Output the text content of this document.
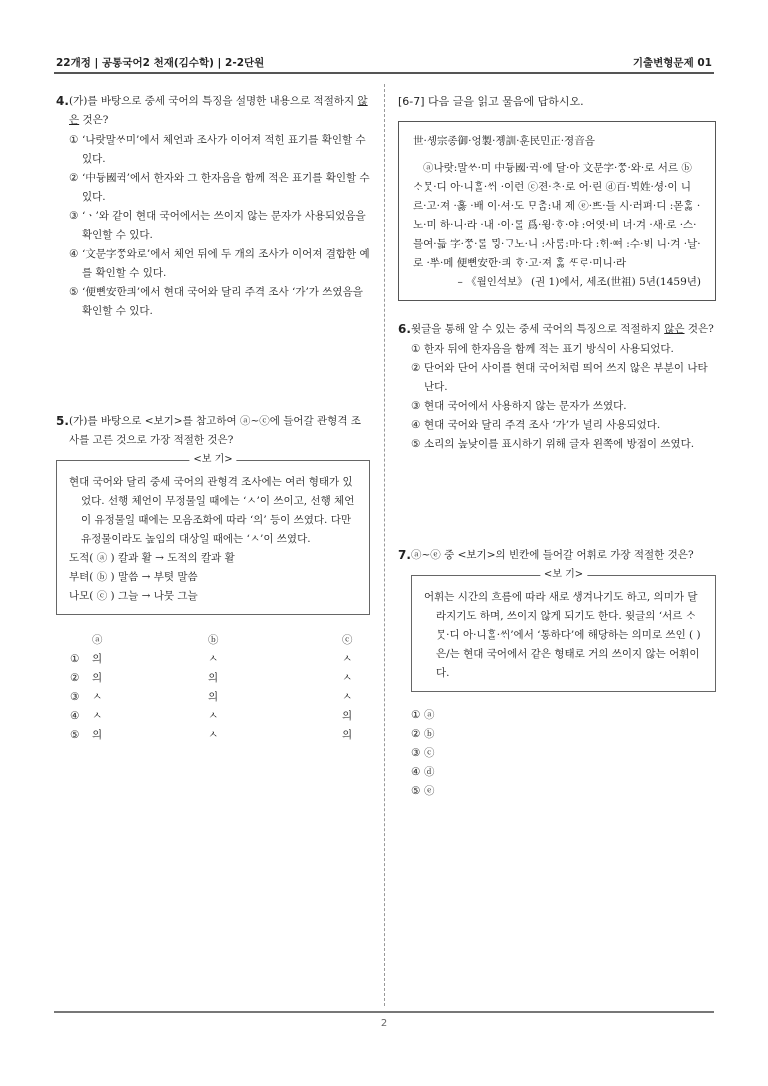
22개정 | 공통국어2 천재(김수학) | 2-2단원	기출변형문제 01
4. (가)를 바탕으로 중세 국어의 특징을 설명한 내용으로 적절하지 않은 것은?
① ‘나랏말ᄊᆞ미’에서 체언과 조사가 이어져 적힌 표기를 확인할 수 있다.
② ‘中듀ᇰ國귁’에서 한자와 그 한자음을 함께 적은 표기를 확인할 수 있다.
③ ‘ㆍ’와 같이 현대 국어에서는 쓰이지 않는 문자가 사용되었음을 확인할 수 있다.
④ ‘文문字ᄍᆞᆼ와로’에서 체언 뒤에 두 개의 조사가 이어져 결합한 예를 확인할 수 있다.
⑤ ‘便뼌安ᅙᅡᆫ킈’에서 현대 국어와 달리 주격 조사 ‘가’가 쓰였음을 확인할 수 있다.
5. (가)를 바탕으로 <보기>를 참고하여 ⓐ~ⓒ에 들어갈 관형격 조사를 고른 것으로 가장 적절한 것은?
<보 기>

현대 국어와 달리 중세 국어의 관형격 조사에는 여러 형태가 있었다. 선행 체언이 무정물일 때에는 ‘ㅅ’이 쓰이고, 선행 체언이 유정물일 때에는 모음조화에 따라 ‘의’ 등이 쓰였다. 다만 유정물이라도 높임의 대상일 때에는 ‘ㅅ’이 쓰였다.

도적( ⓐ ) 칼과 활 → 도적의 칼과 활

부텨( ⓑ ) 말씀 → 부텻 말씀

나모( ⓒ ) 그늘 → 나뭇 그늘

ⓐ	ⓑ	ⓒ
① 의	ㅅ	ㅅ
② 의	의	ㅅ
③ ㅅ	의	ㅅ
④ ㅅ	ㅅ	의
⑤ 의	ㅅ	의
[6-7] 다음 글을 읽고 물음에 답하시오.

世·솅宗종御·엉製·졩訓·훈民민正·졍音음

ⓐ나랏:말ᄊᆞ·미 中듀ᇰ國·귁·에 달·아 文문字·ᄍᆞᆼ·와·로 서르 ⓑ ᄉᆞᄆᆞᆺ·디 아·니ᄒᆞᆯ·ᄊᆡ ·이런 ⓒ젼·ᄎᆞ·로 어·린 ⓓ百·ᄇᆡᆨ姓·셩·이 니르·고·져 ·홇 ·배 이·셔·도 ᄆᆞᄎᆞᆷ:내 제 ⓔ·ᄠᅳ·들 시·러펴·디 :몯ᄒᆞᇙ ·노·미 하·니·라 ·내 ·이·ᄅᆞᆯ 爲·윙·ᄒᆞ·야 :어엿·비 너·겨 ·새·로 ·스·믈여·듧 字·ᄍᆞᆼ·ᄅᆞᆯ ᄆᆡᇰ·ᄀᆞ노·니 :사ᄅᆞᆷ:마·다 :ᄒᆡ·ᅇᅧ :수·ᄫᅵ 니·겨 ·날·로 ·ᄡᅮ·메 便뼌安ᅙᅡᆫ·킈 ᄒᆞ·고·져 ᄒᆞᇙ ᄯᆞᄅᆞ·미니·라

– 《월인석보》 (권 1)에서, 세조(世祖) 5년(1459년)

6. 윗글을 통해 알 수 있는 중세 국어의 특징으로 적절하지 않은 것은?
① 한자 뒤에 한자음을 함께 적는 표기 방식이 사용되었다.
② 단어와 단어 사이를 현대 국어처럼 띄어 쓰지 않은 부분이 나타난다.
③ 현대 국어에서 사용하지 않는 문자가 쓰였다.
④ 현대 국어와 달리 주격 조사 ‘가’가 널리 사용되었다.
⑤ 소리의 높낮이를 표시하기 위해 글자 왼쪽에 방점이 쓰였다.
7. ⓐ~ⓔ 중 <보기>의 빈칸에 들어갈 어휘로 가장 적절한 것은?
<보 기>

어휘는 시간의 흐름에 따라 새로 생겨나기도 하고, 의미가 달라지기도 하며, 쓰이지 않게 되기도 한다. 윗글의 ‘서르 ᄉᆞᄆᆞᆺ·디 아·니ᄒᆞᆯ·ᄊᆡ’에서 ‘통하다’에 해당하는 의미로 쓰인 ( )은/는 현대 국어에서 같은 형태로 거의 쓰이지 않는 어휘이다.

① ⓐ
② ⓑ
③ ⓒ
④ ⓓ
⑤ ⓔ
2
